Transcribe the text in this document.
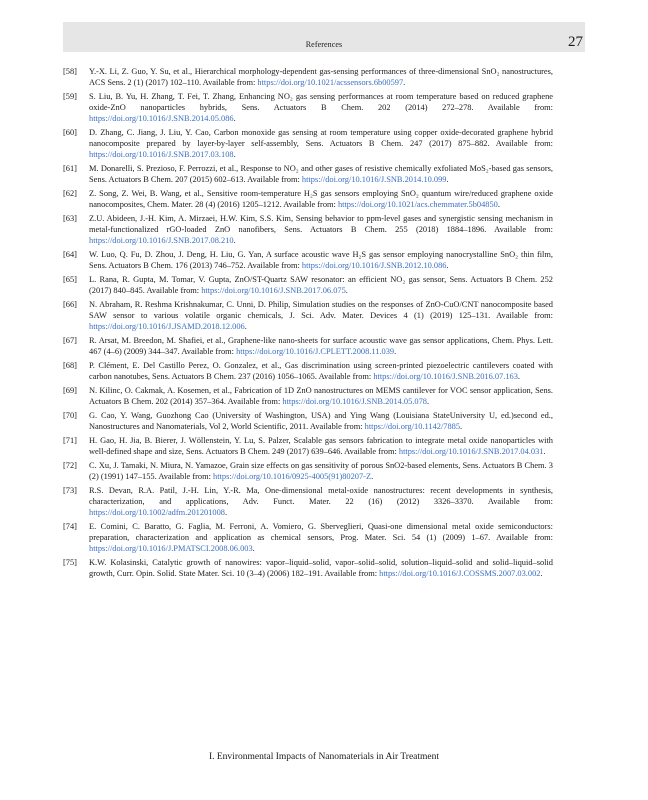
References	27
[58] Y.-X. Li, Z. Guo, Y. Su, et al., Hierarchical morphology-dependent gas-sensing performances of three-dimensional SnO₂ nanostructures, ACS Sens. 2 (1) (2017) 102–110. Available from: https://doi.org/10.1021/acssensors.6b00597.
[59] S. Liu, B. Yu, H. Zhang, T. Fei, T. Zhang, Enhancing NO₂ gas sensing performances at room temperature based on reduced graphene oxide-ZnO nanoparticles hybrids, Sens. Actuators B Chem. 202 (2014) 272–278. Available from: https://doi.org/10.1016/J.SNB.2014.05.086.
[60] D. Zhang, C. Jiang, J. Liu, Y. Cao, Carbon monoxide gas sensing at room temperature using copper oxide-decorated graphene hybrid nanocomposite prepared by layer-by-layer self-assembly, Sens. Actuators B Chem. 247 (2017) 875–882. Available from: https://doi.org/10.1016/J.SNB.2017.03.108.
[61] M. Donarelli, S. Prezioso, F. Perrozzi, et al., Response to NO₂ and other gases of resistive chemically exfoliated MoS₂-based gas sensors, Sens. Actuators B Chem. 207 (2015) 602–613. Available from: https://doi.org/10.1016/J.SNB.2014.10.099.
[62] Z. Song, Z. Wei, B. Wang, et al., Sensitive room-temperature H₂S gas sensors employing SnO₂ quantum wire/reduced graphene oxide nanocomposites, Chem. Mater. 28 (4) (2016) 1205–1212. Available from: https://doi.org/10.1021/acs.chemmater.5b04850.
[63] Z.U. Abideen, J.-H. Kim, A. Mirzaei, H.W. Kim, S.S. Kim, Sensing behavior to ppm-level gases and synergistic sensing mechanism in metal-functionalized rGO-loaded ZnO nanofibers, Sens. Actuators B Chem. 255 (2018) 1884–1896. Available from: https://doi.org/10.1016/J.SNB.2017.08.210.
[64] W. Luo, Q. Fu, D. Zhou, J. Deng, H. Liu, G. Yan, A surface acoustic wave H₂S gas sensor employing nanocrystalline SnO₂ thin film, Sens. Actuators B Chem. 176 (2013) 746–752. Available from: https://doi.org/10.1016/J.SNB.2012.10.086.
[65] L. Rana, R. Gupta, M. Tomar, V. Gupta, ZnO/ST-Quartz SAW resonator: an efficient NO₂ gas sensor, Sens. Actuators B Chem. 252 (2017) 840–845. Available from: https://doi.org/10.1016/J.SNB.2017.06.075.
[66] N. Abraham, R. Reshma Krishnakumar, C. Unni, D. Philip, Simulation studies on the responses of ZnO-CuO/CNT nanocomposite based SAW sensor to various volatile organic chemicals, J. Sci. Adv. Mater. Devices 4 (1) (2019) 125–131. Available from: https://doi.org/10.1016/J.JSAMD.2018.12.006.
[67] R. Arsat, M. Breedon, M. Shafiei, et al., Graphene-like nano-sheets for surface acoustic wave gas sensor applications, Chem. Phys. Lett. 467 (4–6) (2009) 344–347. Available from: https://doi.org/10.1016/J.CPLETT.2008.11.039.
[68] P. Clément, E. Del Castillo Perez, O. Gonzalez, et al., Gas discrimination using screen-printed piezoelectric cantilevers coated with carbon nanotubes, Sens. Actuators B Chem. 237 (2016) 1056–1065. Available from: https://doi.org/10.1016/J.SNB.2016.07.163.
[69] N. Kilinc, O. Cakmak, A. Kosemen, et al., Fabrication of 1D ZnO nanostructures on MEMS cantilever for VOC sensor application, Sens. Actuators B Chem. 202 (2014) 357–364. Available from: https://doi.org/10.1016/J.SNB.2014.05.078.
[70] G. Cao, Y. Wang, Guozhong Cao (University of Washington, USA) and Ying Wang (Louisiana StateUniversity U, ed.)second ed., Nanostructures and Nanomaterials, Vol 2, World Scientific, 2011. Available from: https://doi.org/10.1142/7885.
[71] H. Gao, H. Jia, B. Bierer, J. Wöllenstein, Y. Lu, S. Palzer, Scalable gas sensors fabrication to integrate metal oxide nanoparticles with well-defined shape and size, Sens. Actuators B Chem. 249 (2017) 639–646. Available from: https://doi.org/10.1016/J.SNB.2017.04.031.
[72] C. Xu, J. Tamaki, N. Miura, N. Yamazoe, Grain size effects on gas sensitivity of porous SnO2-based elements, Sens. Actuators B Chem. 3 (2) (1991) 147–155. Available from: https://doi.org/10.1016/0925-4005(91)80207-Z.
[73] R.S. Devan, R.A. Patil, J.-H. Lin, Y.-R. Ma, One-dimensional metal-oxide nanostructures: recent developments in synthesis, characterization, and applications, Adv. Funct. Mater. 22 (16) (2012) 3326–3370. Available from: https://doi.org/10.1002/adfm.201201008.
[74] E. Comini, C. Baratto, G. Faglia, M. Ferroni, A. Vomiero, G. Sberveglieri, Quasi-one dimensional metal oxide semiconductors: preparation, characterization and application as chemical sensors, Prog. Mater. Sci. 54 (1) (2009) 1–67. Available from: https://doi.org/10.1016/J.PMATSCI.2008.06.003.
[75] K.W. Kolasinski, Catalytic growth of nanowires: vapor–liquid–solid, vapor–solid–solid, solution–liquid–solid and solid–liquid–solid growth, Curr. Opin. Solid. State Mater. Sci. 10 (3–4) (2006) 182–191. Available from: https://doi.org/10.1016/J.COSSMS.2007.03.002.
I. Environmental Impacts of Nanomaterials in Air Treatment
